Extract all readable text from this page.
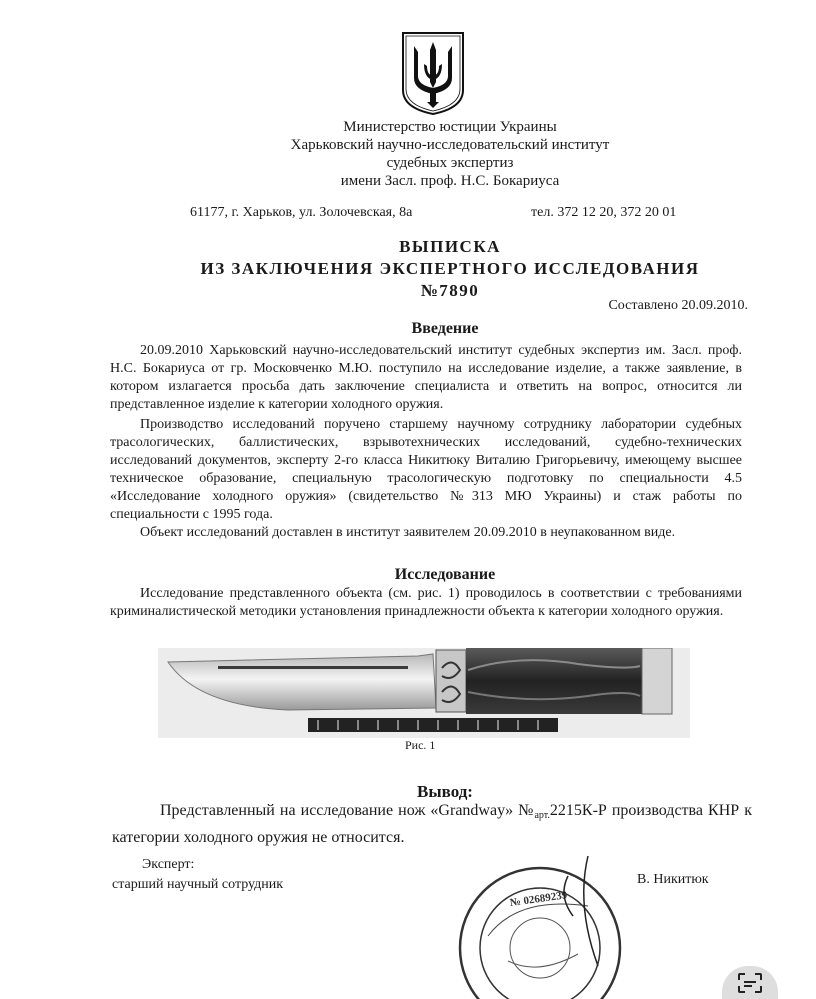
Министерство юстиции Украины
Харьковский научно-исследовательский институт
судебных экспертиз
имени Засл. проф. Н.С. Бокариуса
61177, г. Харьков, ул. Золочевская, 8а	тел. 372 12 20, 372 20 01
ВЫПИСКА
ИЗ ЗАКЛЮЧЕНИЯ ЭКСПЕРТНОГО ИССЛЕДОВАНИЯ
№7890
Составлено 20.09.2010.
Введение
20.09.2010 Харьковский научно-исследовательский институт судебных экспертиз им. Засл. проф. Н.С. Бокариуса от гр. Московченко М.Ю. поступило на исследование изделие, а также заявление, в котором излагается просьба дать заключение специалиста и ответить на вопрос, относится ли представленное изделие к категории холодного оружия.
Производство исследований поручено старшему научному сотруднику лаборатории судебных трасологических, баллистических, взрывотехнических исследований, судебно-технических исследований документов, эксперту 2-го класса Никитюку Виталию Григорьевичу, имеющему высшее техническое образование, специальную трасологическую подготовку по специальности 4.5 «Исследование холодного оружия» (свидетельство №313 МЮ Украины) и стаж работы по специальности с 1995 года.
Объект исследований доставлен в институт заявителем 20.09.2010 в неупакованном виде.
Исследование
Исследование представленного объекта (см. рис. 1) проводилось в соответствии с требованиями криминалистической методики установления принадлежности объекта к категории холодного оружия.
Рис. 1
Вывод:
Представленный на исследование нож «Grandway» $№_{арт.}2215К-Р$ производства КНР к категории холодного оружия не относится.
Эксперт:
старший научный сотрудник	В. Никитюк
№ 02689239
